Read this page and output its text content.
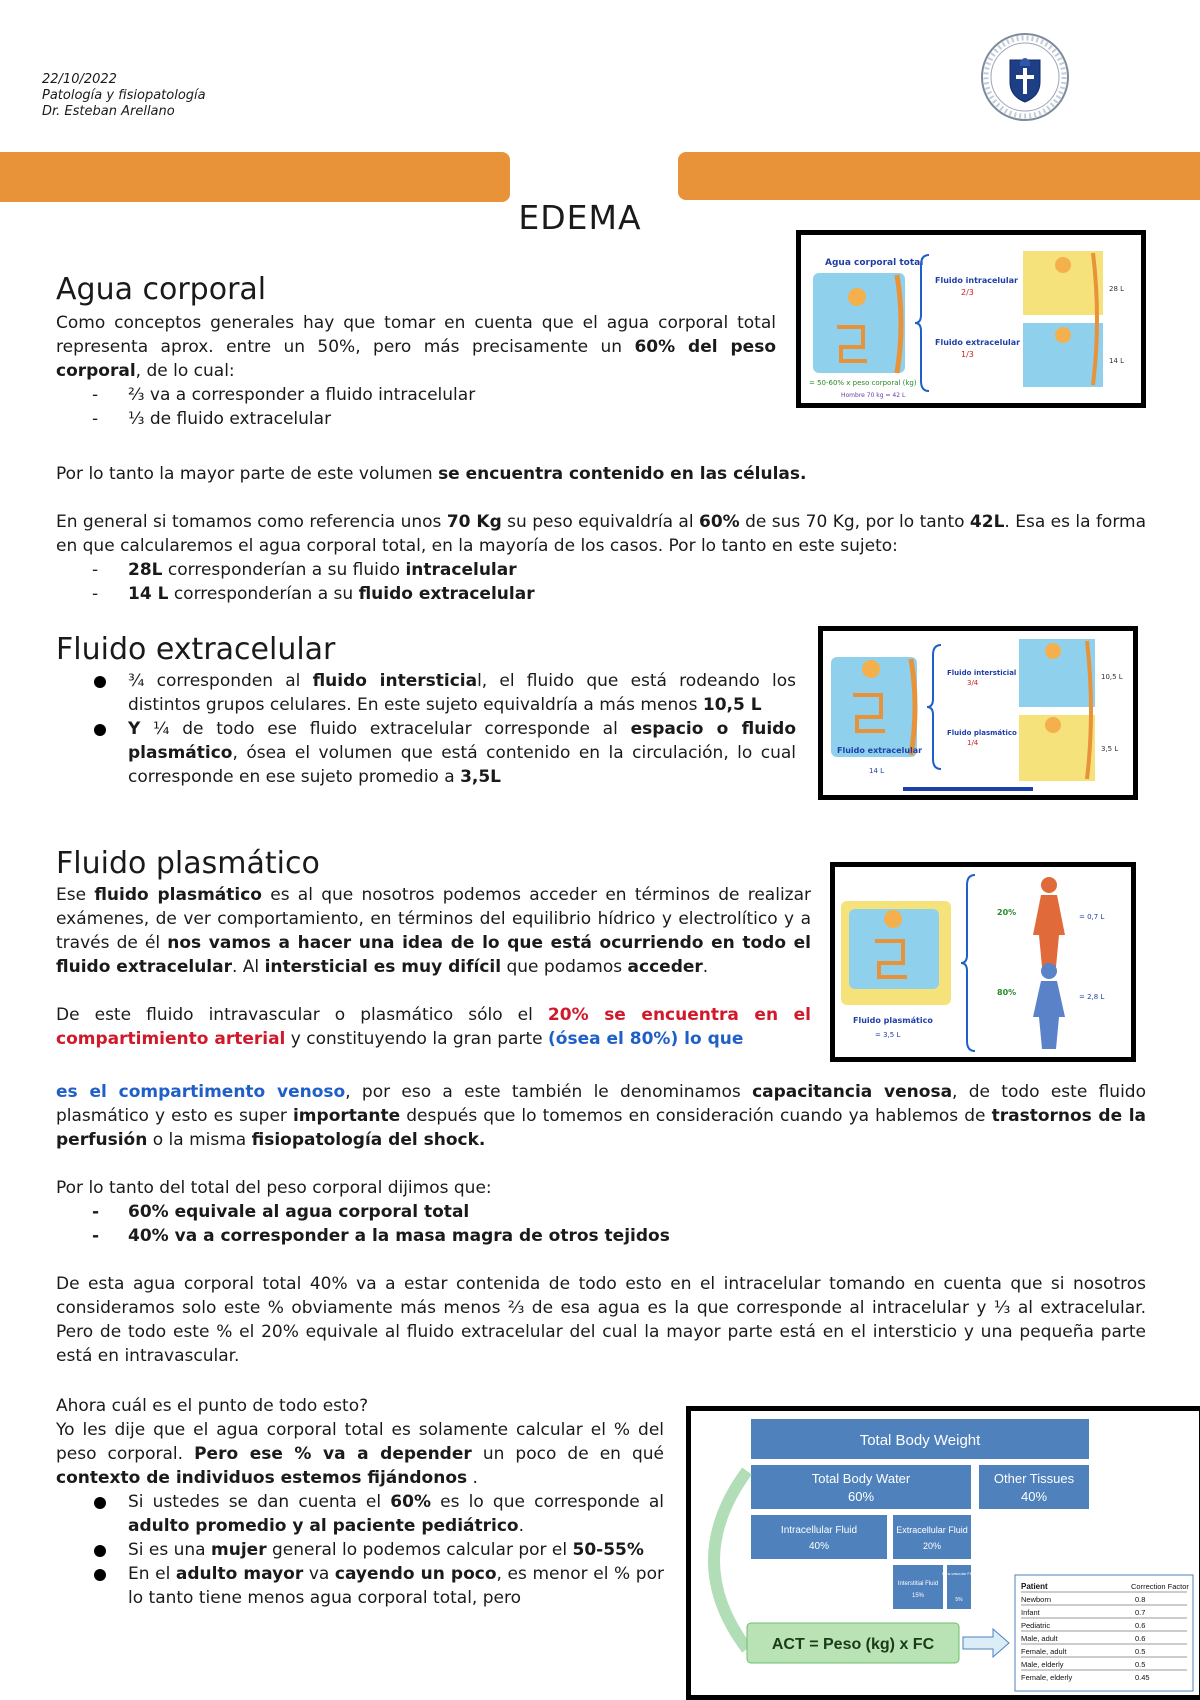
22/10/2022
Patología y fisiopatología
Dr. Esteban Arellano
EDEMA
Agua corporal

Como conceptos generales hay que tomar en cuenta que el agua corporal total representa aprox. entre un 50%, pero más precisamente un 60% del peso corporal, de lo cual:

- ⅔ va a corresponder a fluido intracelular
- ⅓ de fluido extracelular

Por lo tanto la mayor parte de este volumen se encuentra contenido en las células.

En general si tomamos como referencia unos 70 Kg su peso equivaldría al 60% de sus 70 Kg, por lo tanto 42L. Esa es la forma en que calcularemos el agua corporal total, en la mayoría de los casos. Por lo tanto en este sujeto:

- 28L corresponderían a su fluido intracelular
- 14 L corresponderían a su fluido extracelular
Agua corporal total
Fluido intracelular
2/3
Fluido extracelular
1/3
28 L
14 L
= 50-60% x peso corporal (kg)
Hombre 70 kg = 42 L
Fluido extracelular
¾ corresponden al fluido intersticial, el fluido que está rodeando los distintos grupos celulares. En este sujeto equivaldría a más menos 10,5 L
Y ¼ de todo ese fluido extracelular corresponde al espacio o fluido plasmático, ósea el volumen que está contenido en la circulación, lo cual corresponde en ese sujeto promedio a 3,5L
Fluido extracelular
14 L
Fluido intersticial
3/4
Fluido plasmático
1/4
10,5 L
3,5 L
Fluido plasmático

Ese fluido plasmático es al que nosotros podemos acceder en términos de realizar exámenes, de ver comportamiento, en términos del equilibrio hídrico y electrolítico y a través de él nos vamos a hacer una idea de lo que está ocurriendo en todo el fluido extracelular. Al intersticial es muy difícil que podamos acceder.

De este fluido intravascular o plasmático sólo el 20% se encuentra en el compartimiento arterial y constituyendo la gran parte (ósea el 80%) lo que

es el compartimento venoso, por eso a este también le denominamos capacitancia venosa, de todo este fluido plasmático y esto es super importante después que lo tomemos en consideración cuando ya hablemos de trastornos de la perfusión o la misma fisiopatología del shock.

Por lo tanto del total del peso corporal dijimos que:

- 60% equivale al agua corporal total
- 40% va a corresponder a la masa magra de otros tejidos

De esta agua corporal total 40% va a estar contenida de todo esto en el intracelular tomando en cuenta que si nosotros consideramos solo este % obviamente más menos ⅔ de esa agua es la que corresponde al intracelular y ⅓ al extracelular. Pero de todo este % el 20% equivale al fluido extracelular del cual la mayor parte está en el intersticio y una pequeña parte está en intravascular.

Ahora cuál es el punto de todo esto?

Yo les dije que el agua corporal total es solamente calcular el % del peso corporal. Pero ese % va a depender un poco de en qué contexto de individuos estemos fijándonos .

Si ustedes se dan cuenta el 60% es lo que corresponde al adulto promedio y al paciente pediátrico.
Si es una mujer general lo podemos calcular por el 50-55%
En el adulto mayor va cayendo un poco, es menor el % por lo tanto tiene menos agua corporal total, pero
Fluido plasmático
= 3,5 L
20%
80%
= 0,7 L
= 2,8 L
Total Body Weight
Total Body Water
60%
Other Tissues
40%
Intracellular Fluid
40%
Extracellular Fluid
20%
Interstitial Fluid
15%
Intra-vascular Fluid
5%
ACT = Peso (kg) x FC
Patient	Correction Factor
Newborn	0.8
Infant	0.7
Pediatric	0.6
Male, adult	0.6
Female, adult	0.5
Male, elderly	0.5
Female, elderly	0.45
